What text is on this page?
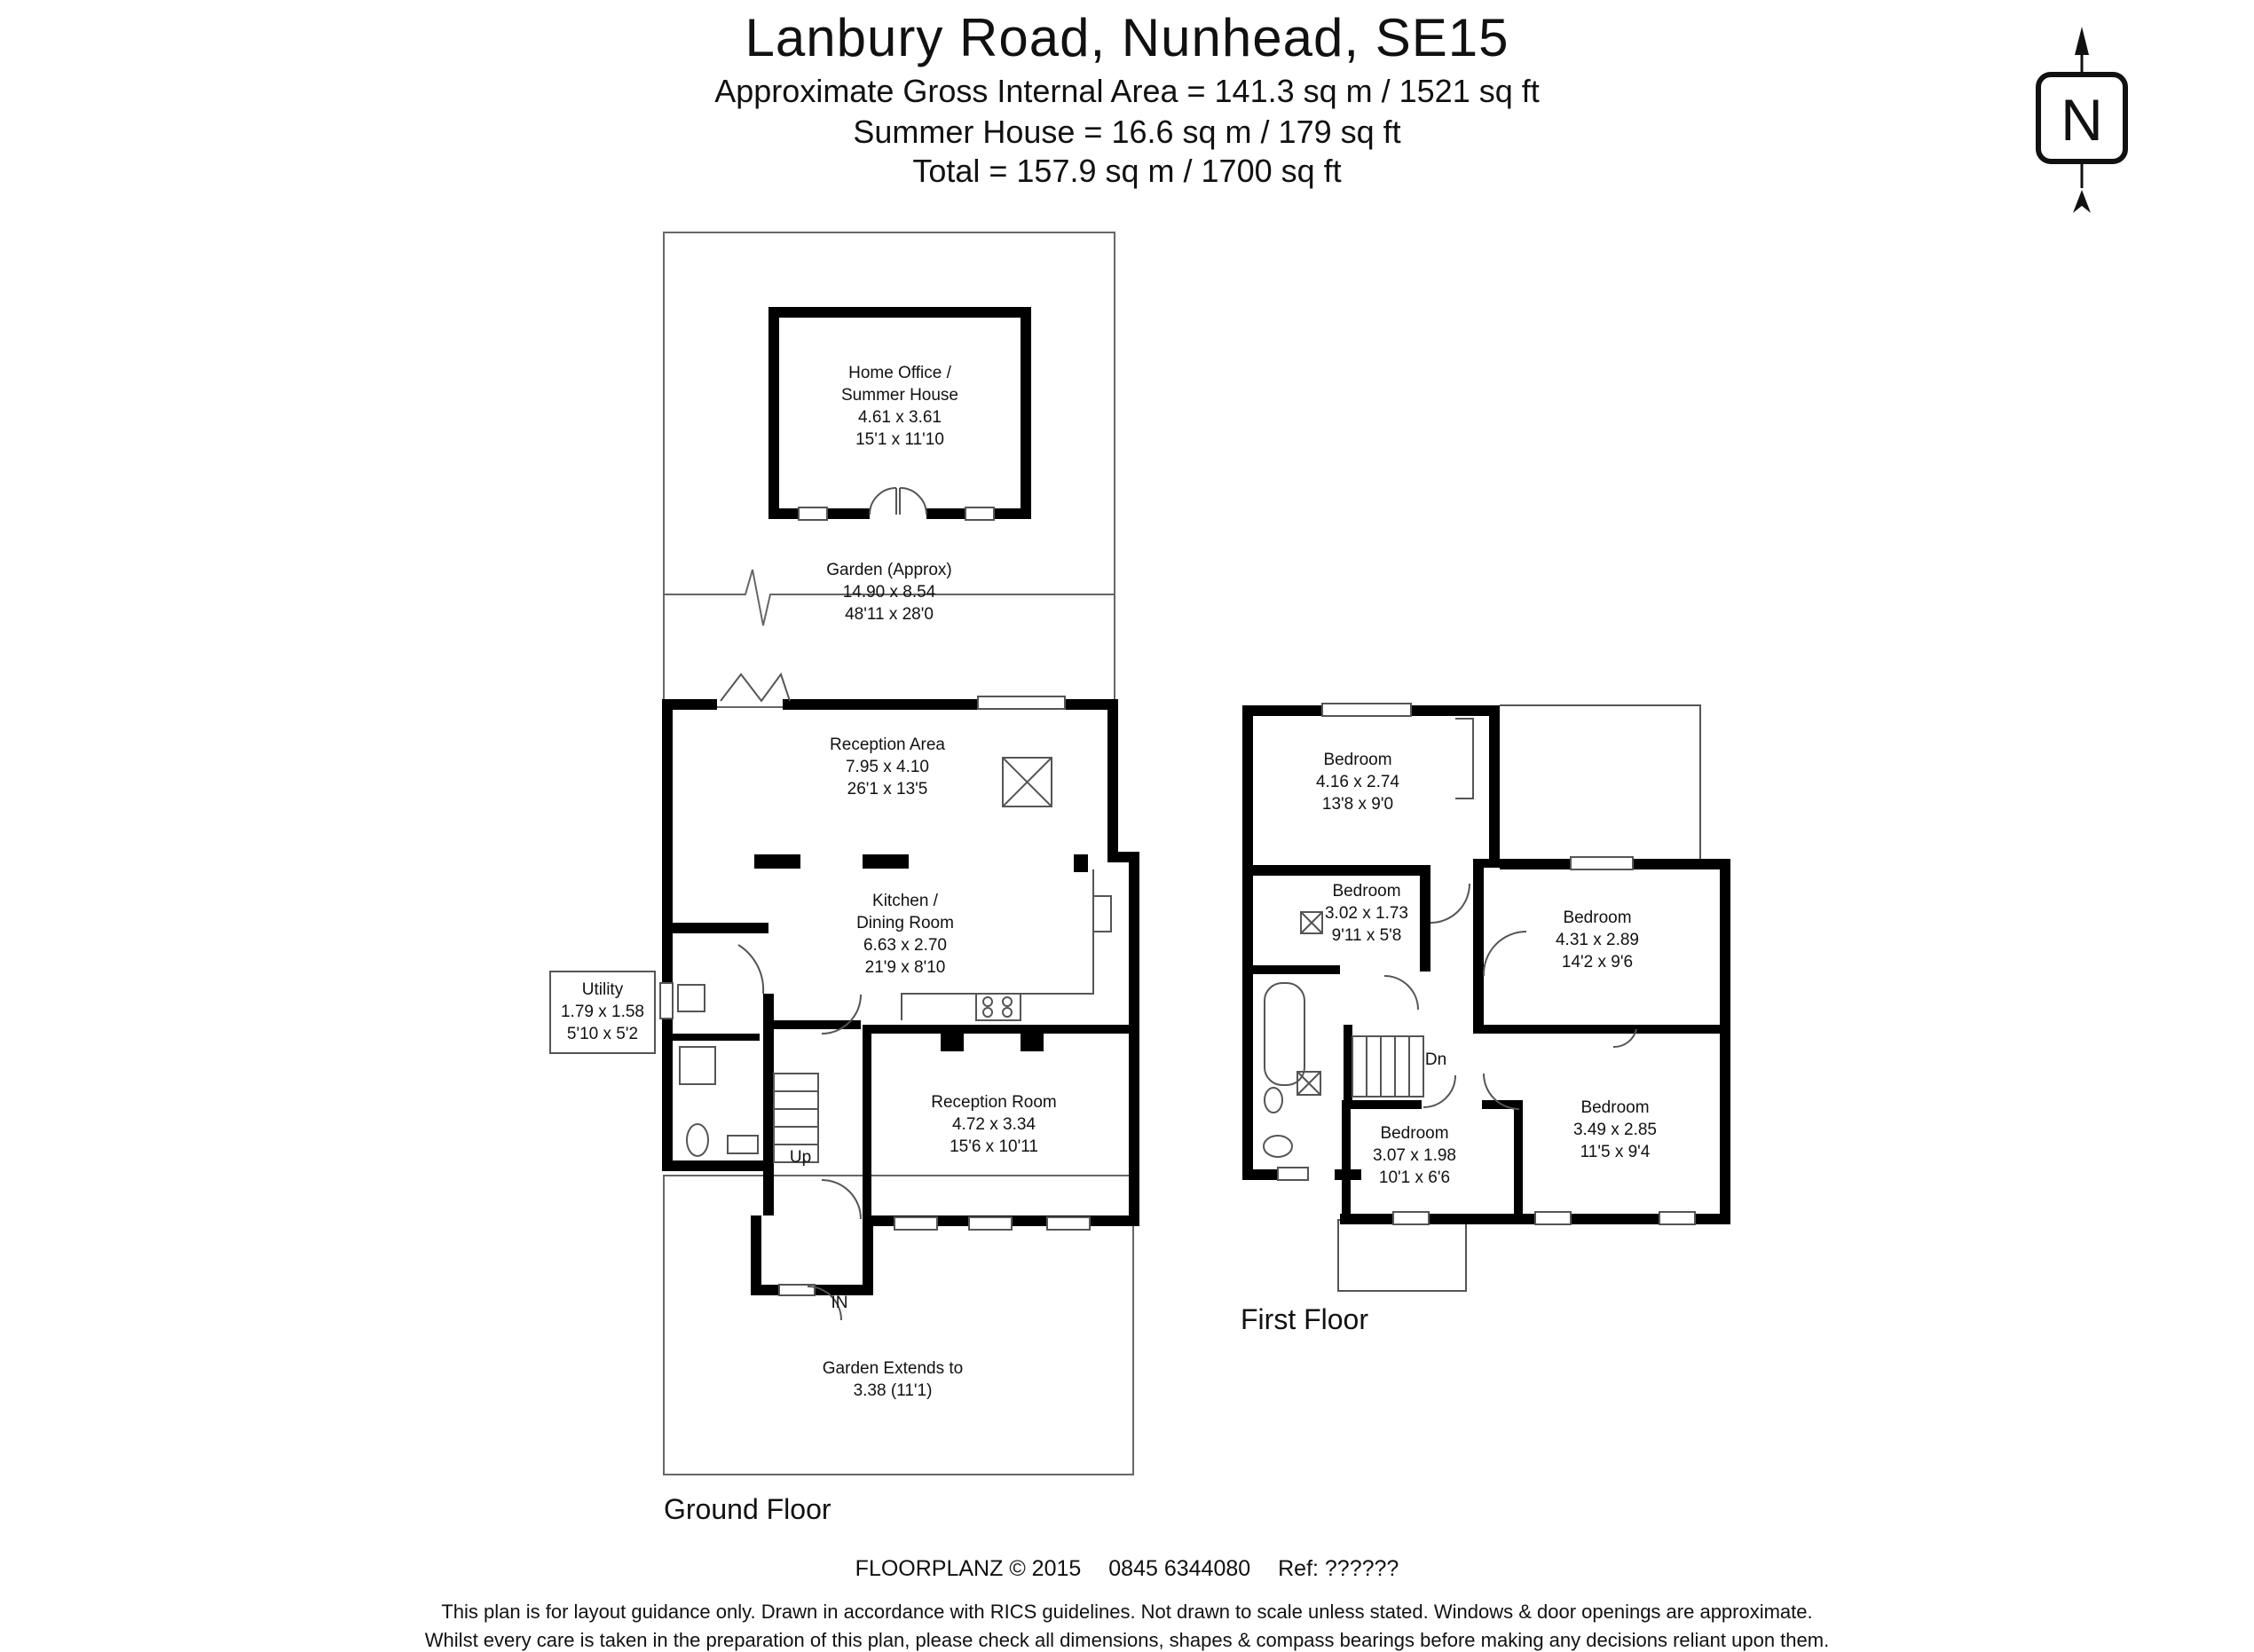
Lanbury Road, Nunhead, SE15
Approximate Gross Internal Area = 141.3 sq m / 1521 sq ft
Summer House = 16.6 sq m / 179 sq ft
Total = 157.9 sq m / 1700 sq ft
N
Home Office /
Summer House
4.61 x 3.61
15'1 x 11'10
Garden (Approx)
14.90 x 8.54
48'11 x 28'0
Reception Area
7.95 x 4.10
26'1 x 13'5
Kitchen /
Dining Room
6.63 x 2.70
21'9 x 8'10
Utility
1.79 x 1.58
5'10 x 5'2
Reception Room
4.72 x 3.34
15'6 x 10'11
Garden Extends to
3.38 (11'1)
Up
IN
Ground Floor
Bedroom
4.16 x 2.74
13'8 x 9'0
Bedroom
3.02 x 1.73
9'11 x 5'8
Bedroom
4.31 x 2.89
14'2 x 9'6
Bedroom
3.07 x 1.98
10'1 x 6'6
Bedroom
3.49 x 2.85
11'5 x 9'4
Dn
First Floor
FLOORPLANZ © 2015 0845 6344080 Ref: ??????
This plan is for layout guidance only. Drawn in accordance with RICS guidelines. Not drawn to scale unless stated. Windows & door openings are approximate.
Whilst every care is taken in the preparation of this plan, please check all dimensions, shapes & compass bearings before making any decisions reliant upon them.
